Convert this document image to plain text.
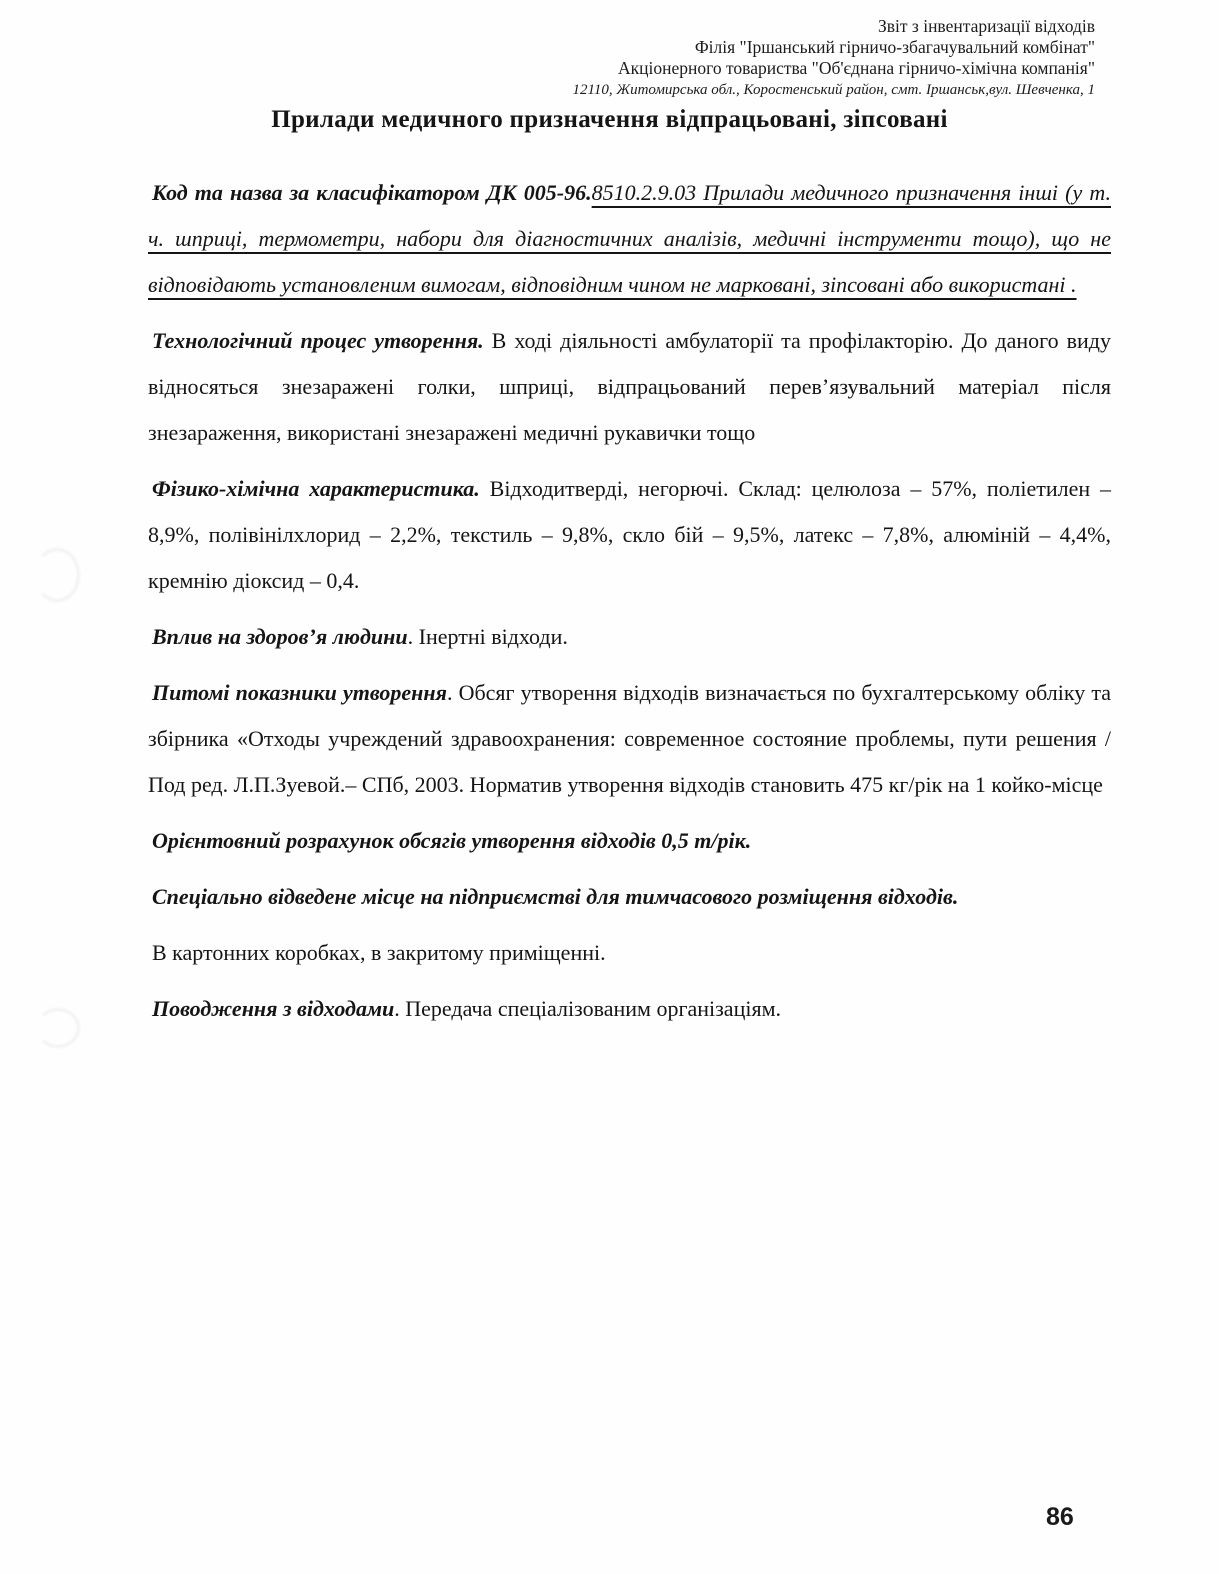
Звіт з інвентаризації відходів
Філія "Іршанський гірничо-збагачувальний комбінат"
Акціонерного товариства "Об'єднана гірничо-хімічна компанія"
12110, Житомирська обл., Коростенський район, смт. Іршанськ,вул. Шевченка, 1
Прилади медичного призначення відпрацьовані, зіпсовані

Код та назва за класифікатором ДК 005-96.8510.2.9.03 Прилади медичного призначення інші (у т. ч. шприці, термометри, набори для діагностичних аналізів, медичні інструменти тощо), що не відповідають установленим вимогам, відповідним чином не марковані, зіпсовані або використані .

Технологічний процес утворення. В ході діяльності амбулаторії та профілакторію. До даного виду відносяться знезаражені голки, шприці, відпрацьований перев’язувальний матеріал після знезараження, використані знезаражені медичні рукавички тощо

Фізико-хімічна характеристика. Відходитверді, негорючі. Склад: целюлоза – 57%, поліетилен – 8,9%, полівінілхлорид – 2,2%, текстиль – 9,8%, скло бій – 9,5%, латекс – 7,8%, алюміній – 4,4%, кремнію діоксид – 0,4.

Вплив на здоров’я людини. Інертні відходи.

Питомі показники утворення. Обсяг утворення відходів визначається по бухгалтерському обліку та збірника «Отходы учреждений здравоохранения: современное состояние проблемы, пути решения / Под ред. Л.П.Зуевой.– СПб, 2003. Норматив утворення відходів становить 475 кг/рік на 1 койко-місце

Орієнтовний розрахунок обсягів утворення відходів 0,5 т/рік.

Спеціально відведене місце на підприємстві для тимчасового розміщення відходів.

В картонних коробках, в закритому приміщенні.

Поводження з відходами. Передача спеціалізованим організаціям.

86
